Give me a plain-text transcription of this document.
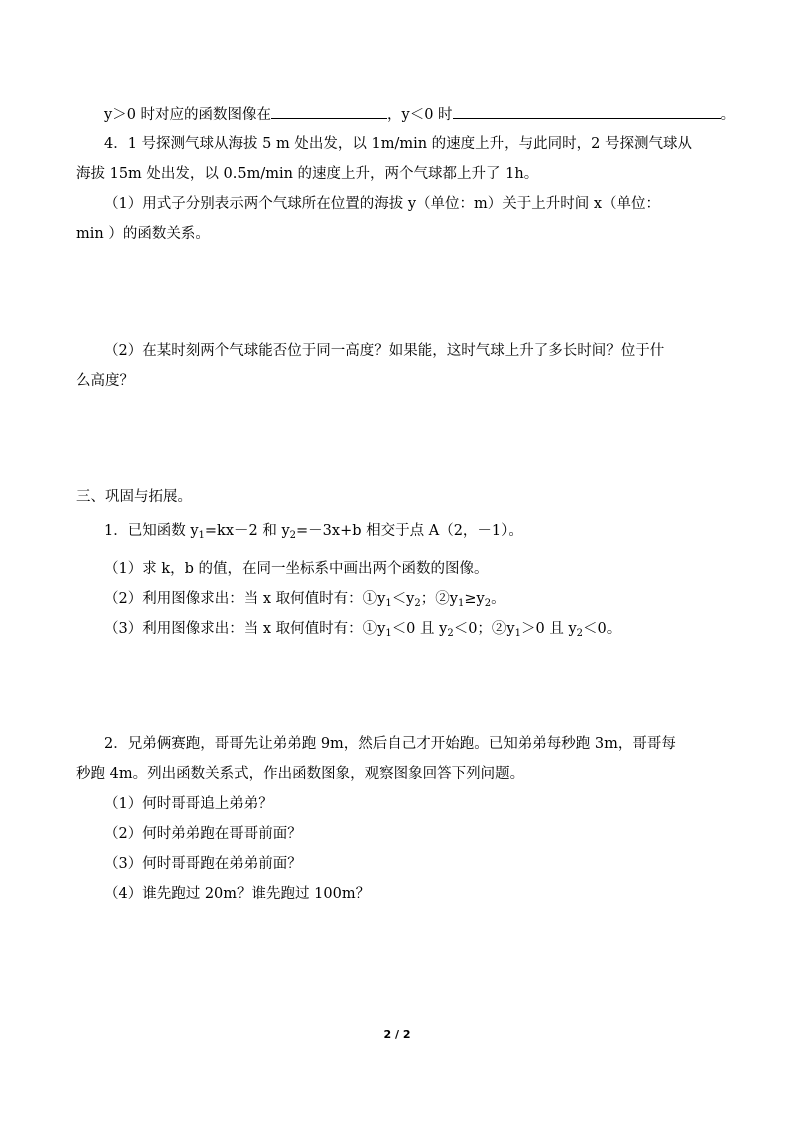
y＞0 时对应的函数图像在	，y＜0 时	。
4．1 号探测气球从海拔 5 m 处出发，以 1m/min 的速度上升，与此同时，2 号探测气球从
海拔 15m 处出发，以 0.5m/min 的速度上升，两个气球都上升了 1h。
（1）用式子分别表示两个气球所在位置的海拔 y（单位：m）关于上升时间 x（单位：
min ）的函数关系。
（2）在某时刻两个气球能否位于同一高度？如果能，这时气球上升了多长时间？位于什
么高度？
三、巩固与拓展。
1．已知函数 $y_1=kx-2$ 和 $y_2=-3x+b$ 相交于点 A（2，－1）。
（1）求 k，b 的值，在同一坐标系中画出两个函数的图像。
（2）利用图像求出：当 x 取何值时有：$①y_1<y_2$；$②y_1\ge y_2$。
（3）利用图像求出：当 x 取何值时有：$①y_1<0$ 且 $y_2<0$；$②y_1>0$ 且 $y_2<0$。
2．兄弟俩赛跑，哥哥先让弟弟跑 9m，然后自己才开始跑。已知弟弟每秒跑 3m，哥哥每
秒跑 4m。列出函数关系式，作出函数图象，观察图象回答下列问题。
（1）何时哥哥追上弟弟？
（2）何时弟弟跑在哥哥前面？
（3）何时哥哥跑在弟弟前面？
（4）谁先跑过 20m？谁先跑过 100m？
2 / 2
